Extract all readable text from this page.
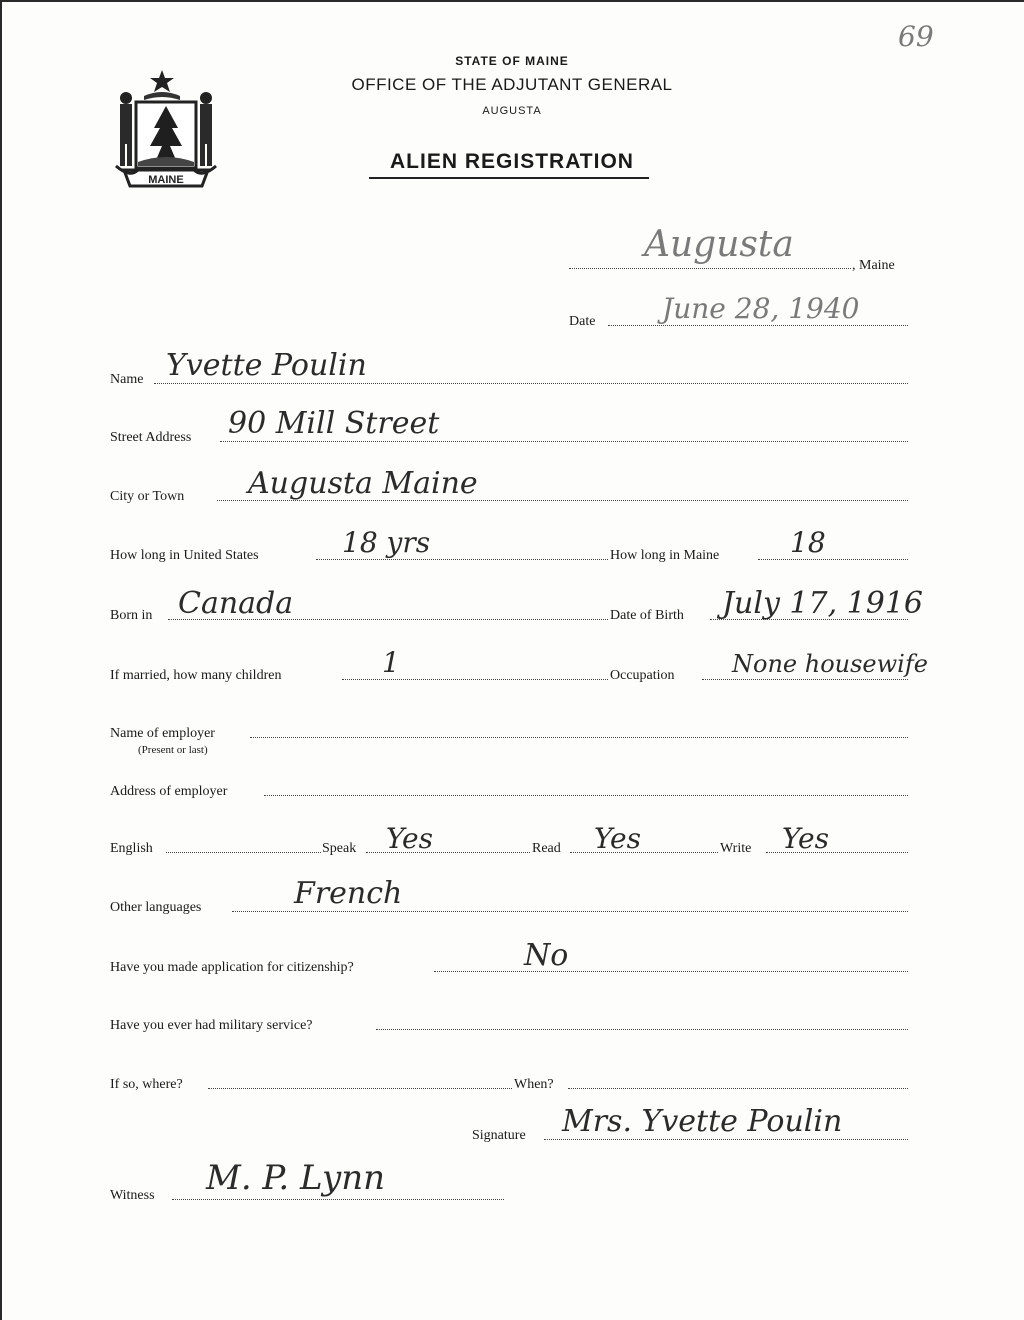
69
MAINE
STATE OF MAINE
OFFICE OF THE ADJUTANT GENERAL
AUGUSTA
ALIEN REGISTRATION
Augusta
, Maine
Date June 28, 1940
Name Yvette Poulin
Street Address 90 Mill Street
City or Town Augusta Maine
How long in United States	18 yrs	How long in Maine	18
Born in Canada	Date of Birth July 17, 1916
If married, how many children	1	Occupation None housewife
Name of employer
(Present or last)
Address of employer
English	Speak Yes	Read Yes	Write Yes
Other languages	French
Have you made application for citizenship?	No
Have you ever had military service?
If so, where?	When?
Signature Mrs. Yvette Poulin
Witness M. P. Lynn
